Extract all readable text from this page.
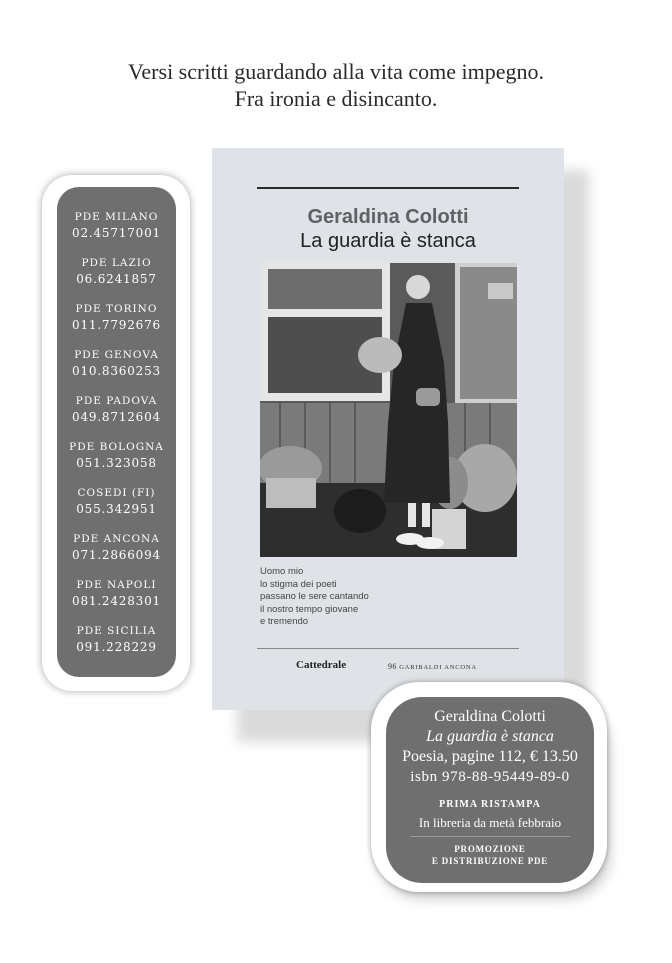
Versi scritti guardando alla vita come impegno.
Fra ironia e disincanto.
Geraldina Colotti
La guardia è stanca
Uomo mio
lo stigma dei poeti
passano le sere cantando
il nostro tempo giovane
e tremendo
Cattedrale	96 GARIBALDI ANCONA
PDE MILANO
02.45717001
PDE LAZIO
06.6241857
PDE TORINO
011.7792676
PDE GENOVA
010.8360253
PDE PADOVA
049.8712604
PDE BOLOGNA
051.323058
COSEDI (FI)
055.342951
PDE ANCONA
071.2866094
PDE NAPOLI
081.2428301
PDE SICILIA
091.228229
Geraldina Colotti
La guardia è stanca
Poesia, pagine 112, € 13.50
isbn 978-88-95449-89-0
PRIMA RISTAMPA
In libreria da metà febbraio
PROMOZIONE
E DISTRIBUZIONE PDE
